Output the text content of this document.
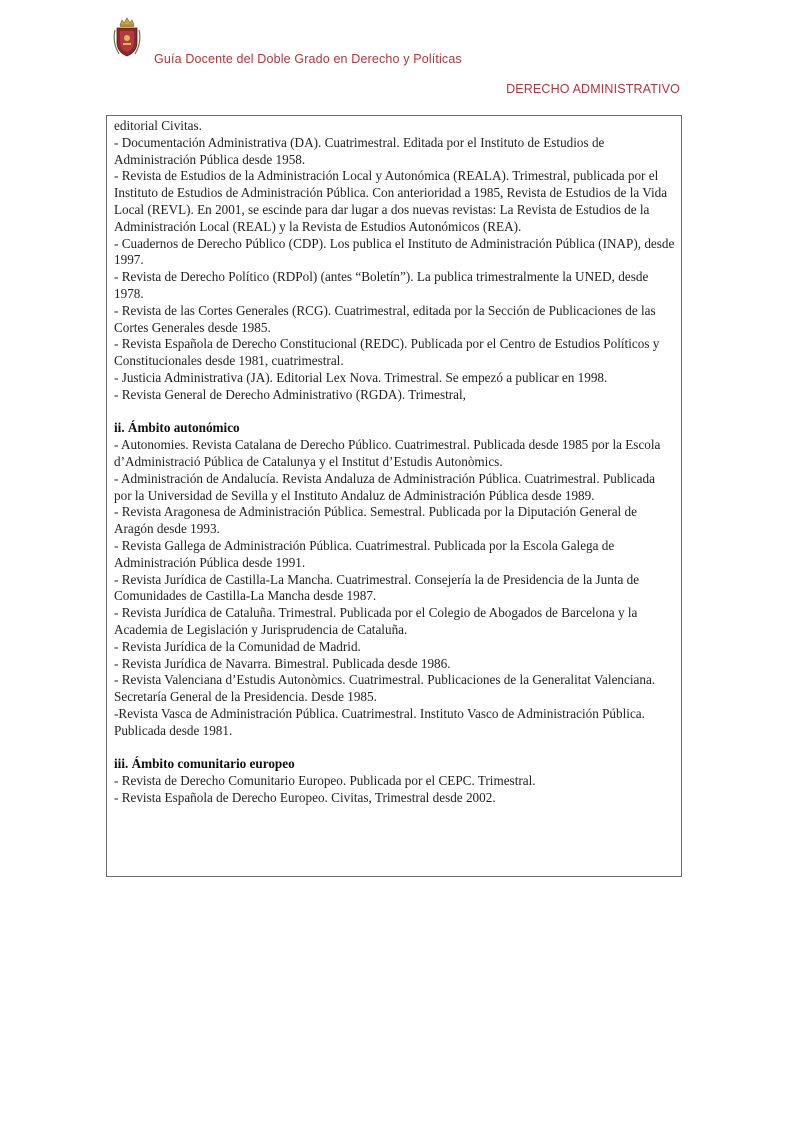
Guía Docente del Doble Grado en Derecho y Políticas
DERECHO ADMINISTRATIVO

editorial Civitas.

- Documentación Administrativa (DA). Cuatrimestral. Editada por el Instituto de Estudios de Administración Pública desde 1958.

- Revista de Estudios de la Administración Local y Autonómica (REALA). Trimestral, publicada por el Instituto de Estudios de Administración Pública. Con anterioridad a 1985, Revista de Estudios de la Vida Local (REVL). En 2001, se escinde para dar lugar a dos nuevas revistas: La Revista de Estudios de la Administración Local (REAL) y la Revista de Estudios Autonómicos (REA).

- Cuadernos de Derecho Público (CDP). Los publica el Instituto de Administración Pública (INAP), desde 1997.

- Revista de Derecho Político (RDPol) (antes “Boletín”). La publica trimestralmente la UNED, desde 1978.

- Revista de las Cortes Generales (RCG). Cuatrimestral, editada por la Sección de Publicaciones de las Cortes Generales desde 1985.

- Revista Española de Derecho Constitucional (REDC). Publicada por el Centro de Estudios Políticos y Constitucionales desde 1981, cuatrimestral.

- Justicia Administrativa (JA). Editorial Lex Nova. Trimestral. Se empezó a publicar en 1998.

- Revista General de Derecho Administrativo (RGDA). Trimestral,

ii. Ámbito autonómico

- Autonomies. Revista Catalana de Derecho Público. Cuatrimestral. Publicada desde 1985 por la Escola d’Administració Pública de Catalunya y el Institut d’Estudis Autonòmics.

- Administración de Andalucía. Revista Andaluza de Administración Pública. Cuatrimestral. Publicada por la Universidad de Sevilla y el Instituto Andaluz de Administración Pública desde 1989.

- Revista Aragonesa de Administración Pública. Semestral. Publicada por la Diputación General de Aragón desde 1993.

- Revista Gallega de Administración Pública. Cuatrimestral. Publicada por la Escola Galega de Administración Pública desde 1991.

- Revista Jurídica de Castilla-La Mancha. Cuatrimestral. Consejería la de Presidencia de la Junta de Comunidades de Castilla-La Mancha desde 1987.

- Revista Jurídica de Cataluña. Trimestral. Publicada por el Colegio de Abogados de Barcelona y la Academia de Legislación y Jurisprudencia de Cataluña.

- Revista Jurídica de la Comunidad de Madrid.

- Revista Jurídica de Navarra. Bimestral. Publicada desde 1986.

- Revista Valenciana d’Estudis Autonòmics. Cuatrimestral. Publicaciones de la Generalitat Valenciana. Secretaría General de la Presidencia. Desde 1985.

-Revista Vasca de Administración Pública. Cuatrimestral. Instituto Vasco de Administración Pública. Publicada desde 1981.

iii. Ámbito comunitario europeo

- Revista de Derecho Comunitario Europeo. Publicada por el CEPC. Trimestral.

- Revista Española de Derecho Europeo. Civitas, Trimestral desde 2002.
